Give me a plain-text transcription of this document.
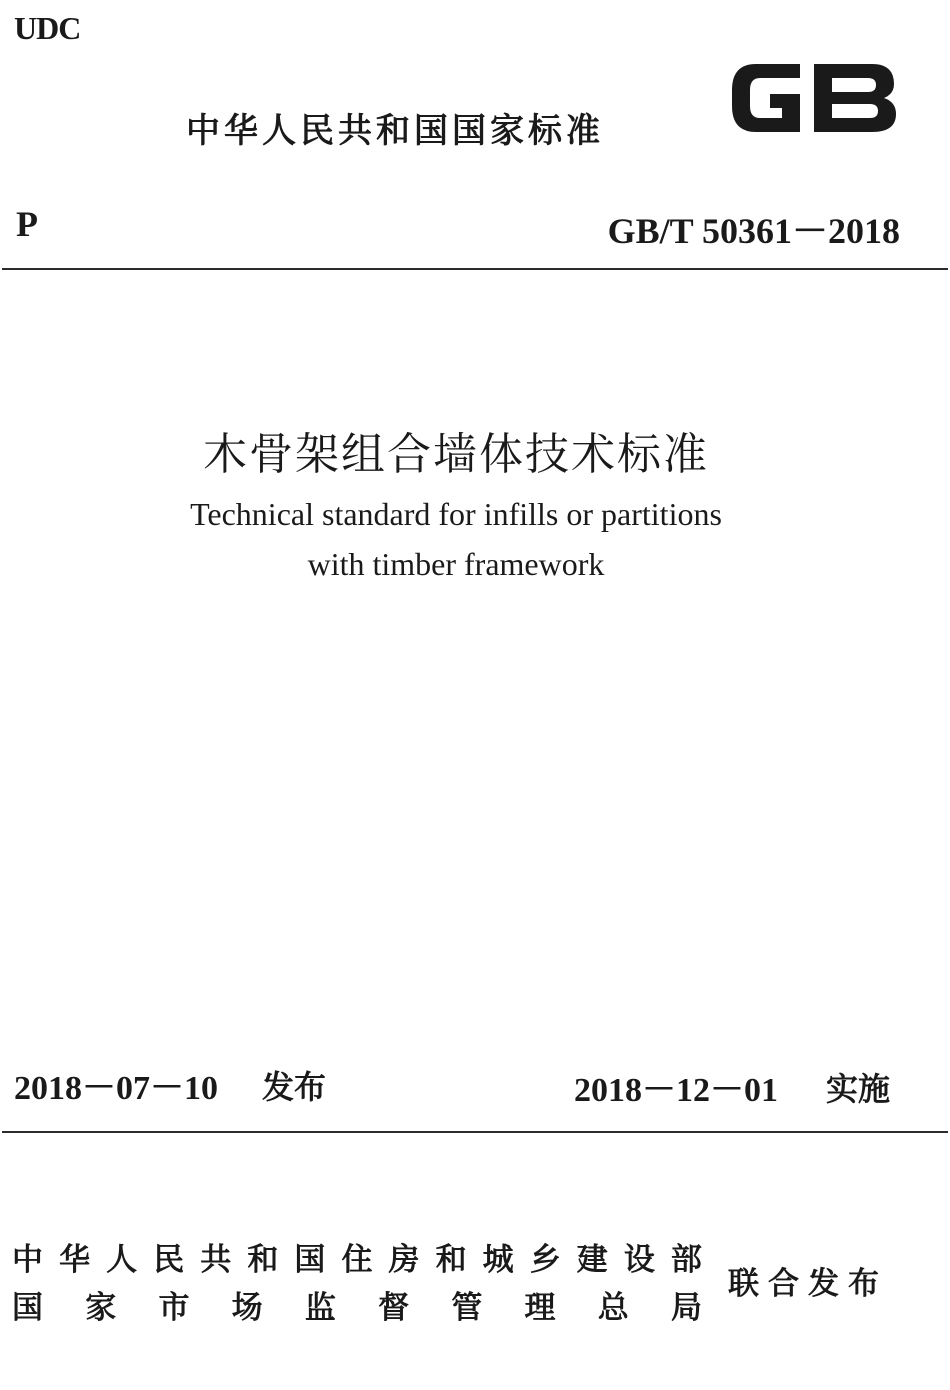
UDC
中华人民共和国国家标准
P	GB/T 50361－2018
木骨架组合墙体技术标准
Technical standard for infills or partitions
with timber framework
2018－07－10 发布	2018－12－01 实施
中 华 人 民 共 和 国 住 房 和 城 乡 建 设 部
国 家 市 场 监 督 管 理 总 局
联合发布
